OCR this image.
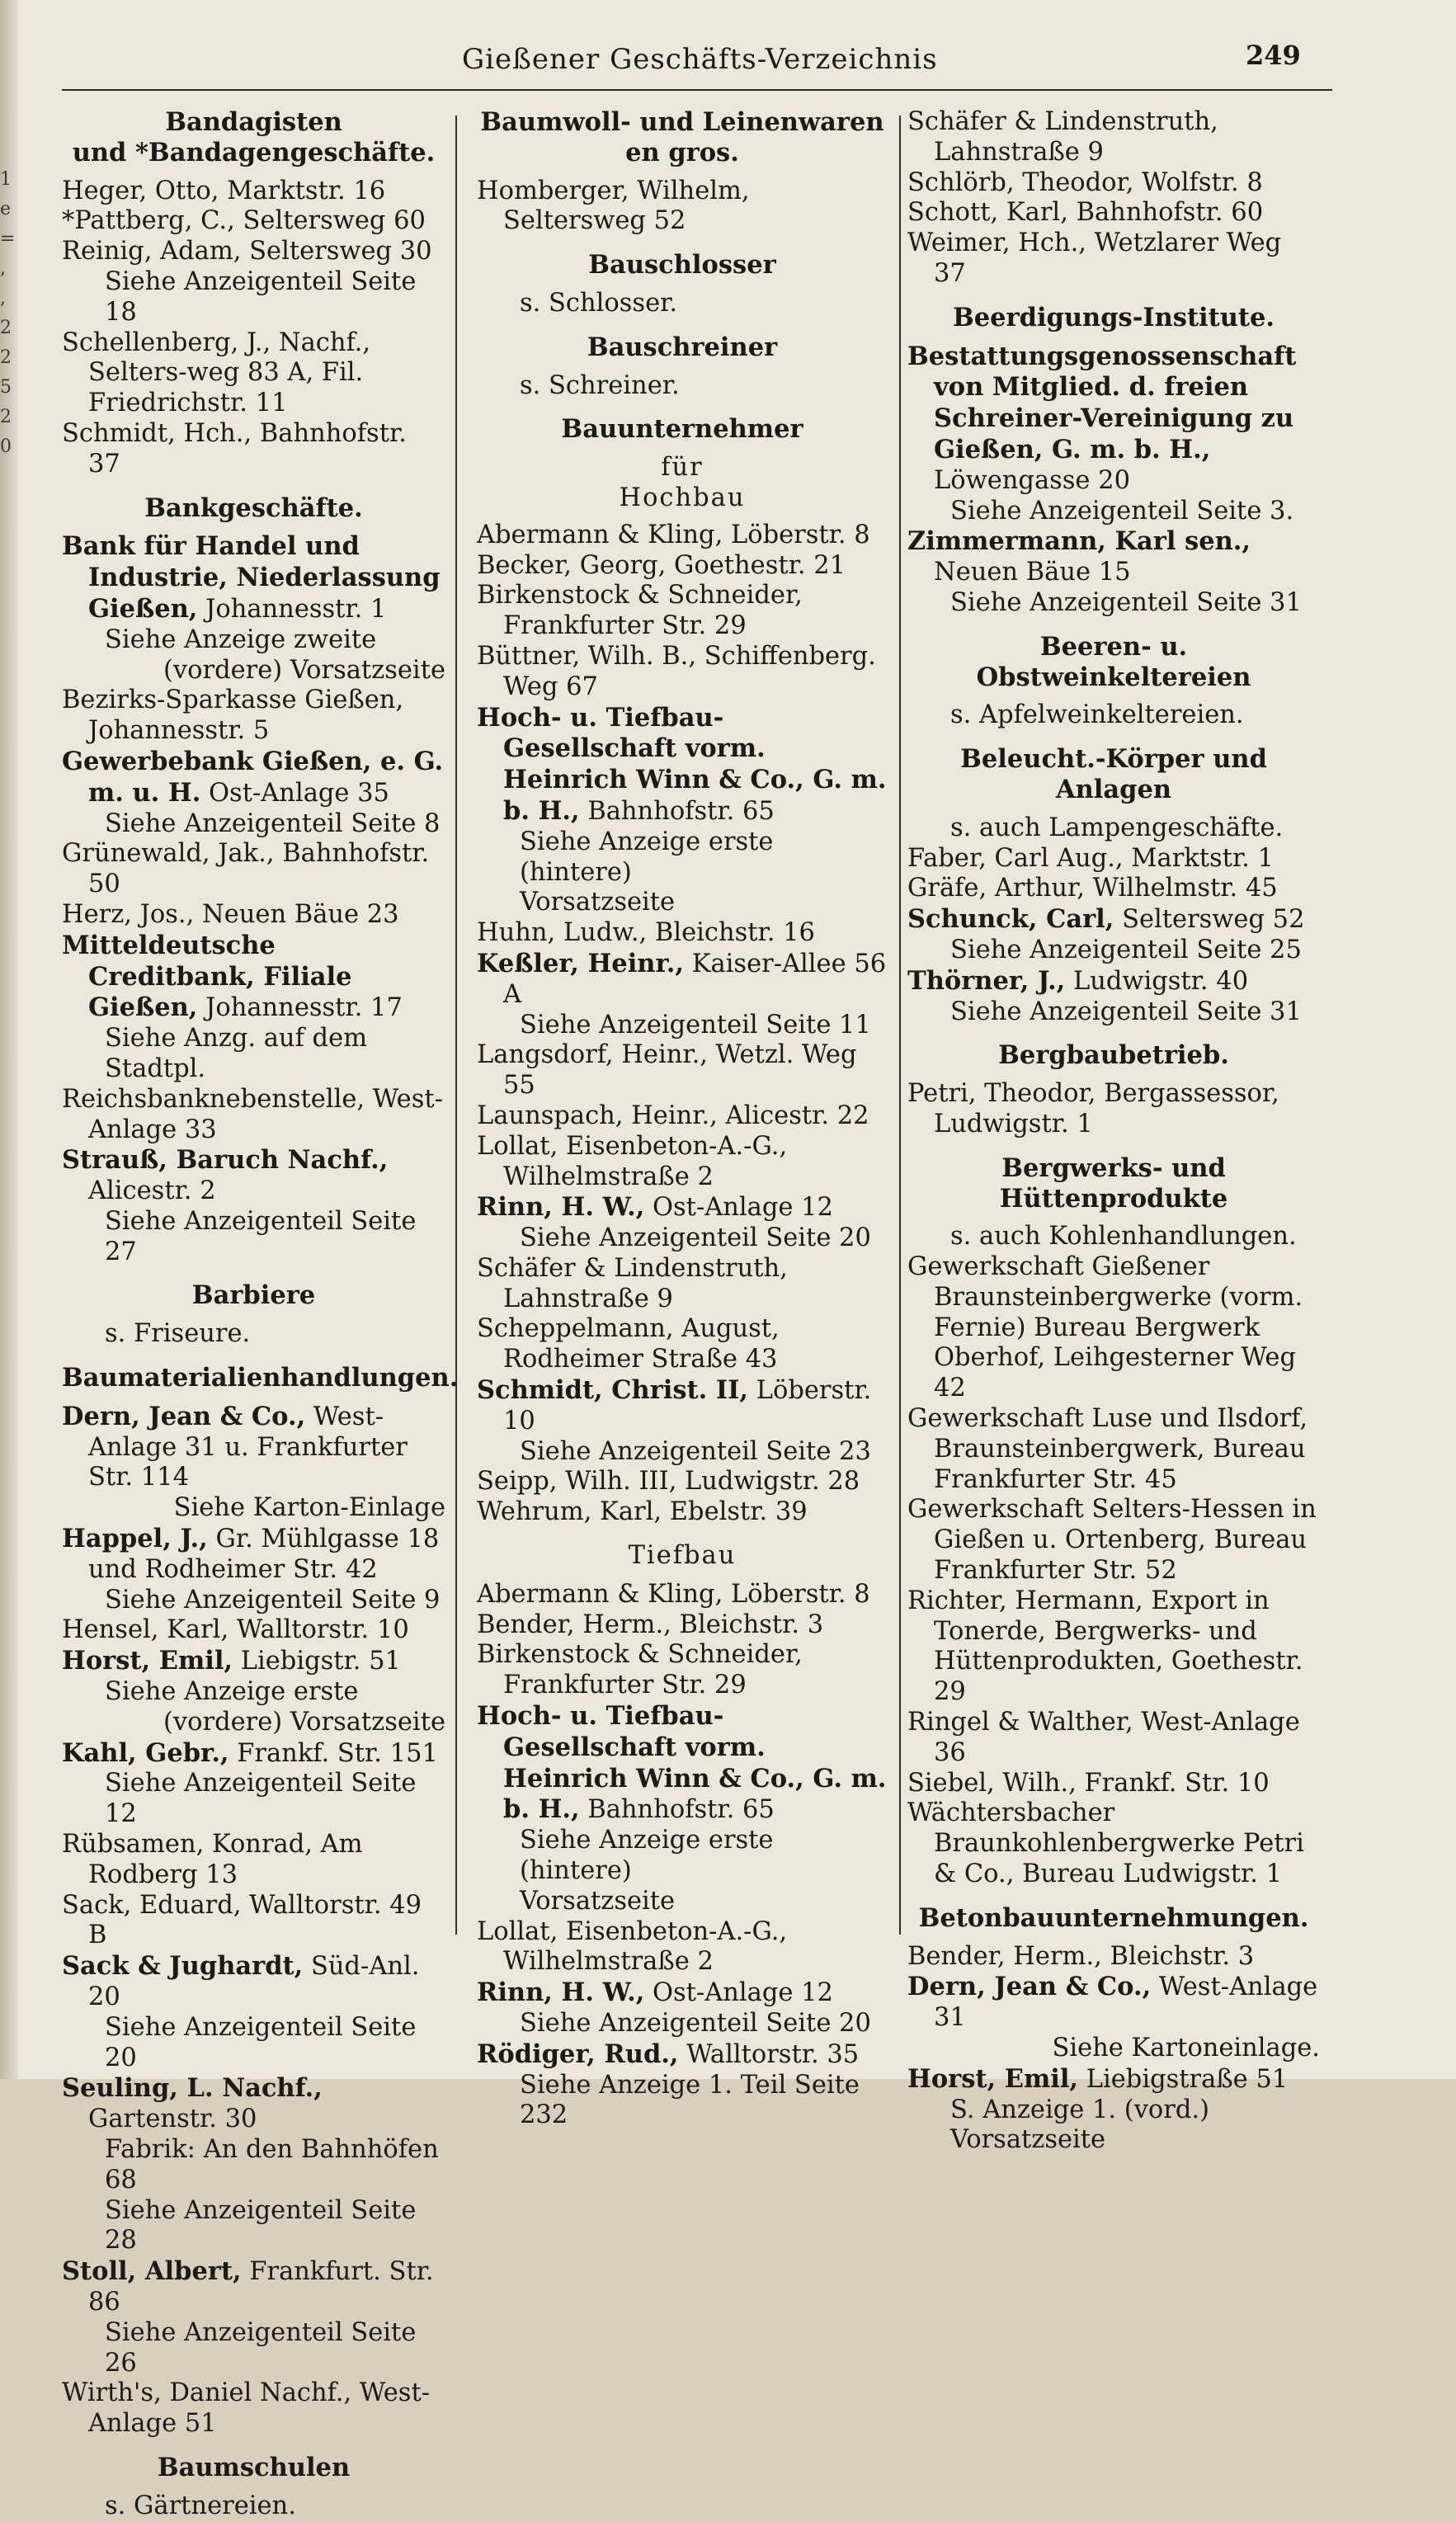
1
e
=
,
,
2
2
5
2
0
Gießener Geschäfts-Verzeichnis	249
Bandagisten
und *Bandagengeschäfte.
Heger, Otto, Marktstr. 16
*Pattberg, C., Seltersweg 60
Reinig, Adam, Seltersweg 30
Siehe Anzeigenteil Seite 18
Schellenberg, J., Nachf., Selters-weg 83 A, Fil. Friedrichstr. 11
Schmidt, Hch., Bahnhofstr. 37
Bankgeschäfte.
Bank für Handel und Industrie, Niederlassung Gießen, Johannesstr. 1
Siehe Anzeige zweite
(vordere) Vorsatzseite
Bezirks-Sparkasse Gießen, Johannesstr. 5
Gewerbebank Gießen, e. G. m. u. H. Ost-Anlage 35
Siehe Anzeigenteil Seite 8
Grünewald, Jak., Bahnhofstr. 50
Herz, Jos., Neuen Bäue 23
Mitteldeutsche Creditbank, Filiale Gießen, Johannesstr. 17
Siehe Anzg. auf dem Stadtpl.
Reichsbanknebenstelle, West-Anlage 33
Strauß, Baruch Nachf., Alicestr. 2
Siehe Anzeigenteil Seite 27
Barbiere
s. Friseure.
Baumaterialienhandlungen.
Dern, Jean & Co., West-Anlage 31 u. Frankfurter Str. 114
Siehe Karton-Einlage
Happel, J., Gr. Mühlgasse 18 und Rodheimer Str. 42
Siehe Anzeigenteil Seite 9
Hensel, Karl, Walltorstr. 10
Horst, Emil, Liebigstr. 51
Siehe Anzeige erste
(vordere) Vorsatzseite
Kahl, Gebr., Frankf. Str. 151
Siehe Anzeigenteil Seite 12
Rübsamen, Konrad, Am Rodberg 13
Sack, Eduard, Walltorstr. 49 B
Sack & Jughardt, Süd-Anl. 20
Siehe Anzeigenteil Seite 20
Seuling, L. Nachf., Gartenstr. 30
Fabrik: An den Bahnhöfen 68
Siehe Anzeigenteil Seite 28
Stoll, Albert, Frankfurt. Str. 86
Siehe Anzeigenteil Seite 26
Wirth's, Daniel Nachf., West-Anlage 51
Baumschulen
s. Gärtnereien.
Baumwoll- und Leinenwaren en gros.
Homberger, Wilhelm, Seltersweg 52
Bauschlosser
s. Schlosser.
Bauschreiner
s. Schreiner.
Bauunternehmer
für
Hochbau
Abermann & Kling, Löberstr. 8
Becker, Georg, Goethestr. 21
Birkenstock & Schneider, Frankfurter Str. 29
Büttner, Wilh. B., Schiffenberg. Weg 67
Hoch- u. Tiefbau-Gesellschaft vorm. Heinrich Winn & Co., G. m. b. H., Bahnhofstr. 65
Siehe Anzeige erste (hintere)
Vorsatzseite
Huhn, Ludw., Bleichstr. 16
Keßler, Heinr., Kaiser-Allee 56 A
Siehe Anzeigenteil Seite 11
Langsdorf, Heinr., Wetzl. Weg 55
Launspach, Heinr., Alicestr. 22
Lollat, Eisenbeton-A.-G., Wilhelmstraße 2
Rinn, H. W., Ost-Anlage 12
Siehe Anzeigenteil Seite 20
Schäfer & Lindenstruth, Lahnstraße 9
Scheppelmann, August, Rodheimer Straße 43
Schmidt, Christ. II, Löberstr. 10
Siehe Anzeigenteil Seite 23
Seipp, Wilh. III, Ludwigstr. 28
Wehrum, Karl, Ebelstr. 39
Tiefbau
Abermann & Kling, Löberstr. 8
Bender, Herm., Bleichstr. 3
Birkenstock & Schneider, Frankfurter Str. 29
Hoch- u. Tiefbau-Gesellschaft vorm. Heinrich Winn & Co., G. m. b. H., Bahnhofstr. 65
Siehe Anzeige erste (hintere)
Vorsatzseite
Lollat, Eisenbeton-A.-G., Wilhelmstraße 2
Rinn, H. W., Ost-Anlage 12
Siehe Anzeigenteil Seite 20
Rödiger, Rud., Walltorstr. 35
Siehe Anzeige 1. Teil Seite 232
Schäfer & Lindenstruth, Lahnstraße 9
Schlörb, Theodor, Wolfstr. 8
Schott, Karl, Bahnhofstr. 60
Weimer, Hch., Wetzlarer Weg 37
Beerdigungs-Institute.
Bestattungsgenossenschaft von Mitglied. d. freien Schreiner-Vereinigung zu Gießen, G. m. b. H., Löwengasse 20
Siehe Anzeigenteil Seite 3.
Zimmermann, Karl sen., Neuen Bäue 15
Siehe Anzeigenteil Seite 31
Beeren- u. Obstweinkeltereien
s. Apfelweinkeltereien.
Beleucht.-Körper und Anlagen
s. auch Lampengeschäfte.
Faber, Carl Aug., Marktstr. 1
Gräfe, Arthur, Wilhelmstr. 45
Schunck, Carl, Seltersweg 52
Siehe Anzeigenteil Seite 25
Thörner, J., Ludwigstr. 40
Siehe Anzeigenteil Seite 31
Bergbaubetrieb.
Petri, Theodor, Bergassessor, Ludwigstr. 1
Bergwerks- und Hüttenprodukte
s. auch Kohlenhandlungen.
Gewerkschaft Gießener Braunsteinbergwerke (vorm. Fernie) Bureau Bergwerk Oberhof, Leihgesterner Weg 42
Gewerkschaft Luse und Ilsdorf, Braunsteinbergwerk, Bureau Frankfurter Str. 45
Gewerkschaft Selters-Hessen in Gießen u. Ortenberg, Bureau Frankfurter Str. 52
Richter, Hermann, Export in Tonerde, Bergwerks- und Hüttenprodukten, Goethestr. 29
Ringel & Walther, West-Anlage 36
Siebel, Wilh., Frankf. Str. 10
Wächtersbacher Braunkohlenbergwerke Petri & Co., Bureau Ludwigstr. 1
Betonbauunternehmungen.
Bender, Herm., Bleichstr. 3
Dern, Jean & Co., West-Anlage 31
Siehe Kartoneinlage.
Horst, Emil, Liebigstraße 51
S. Anzeige 1. (vord.) Vorsatzseite
